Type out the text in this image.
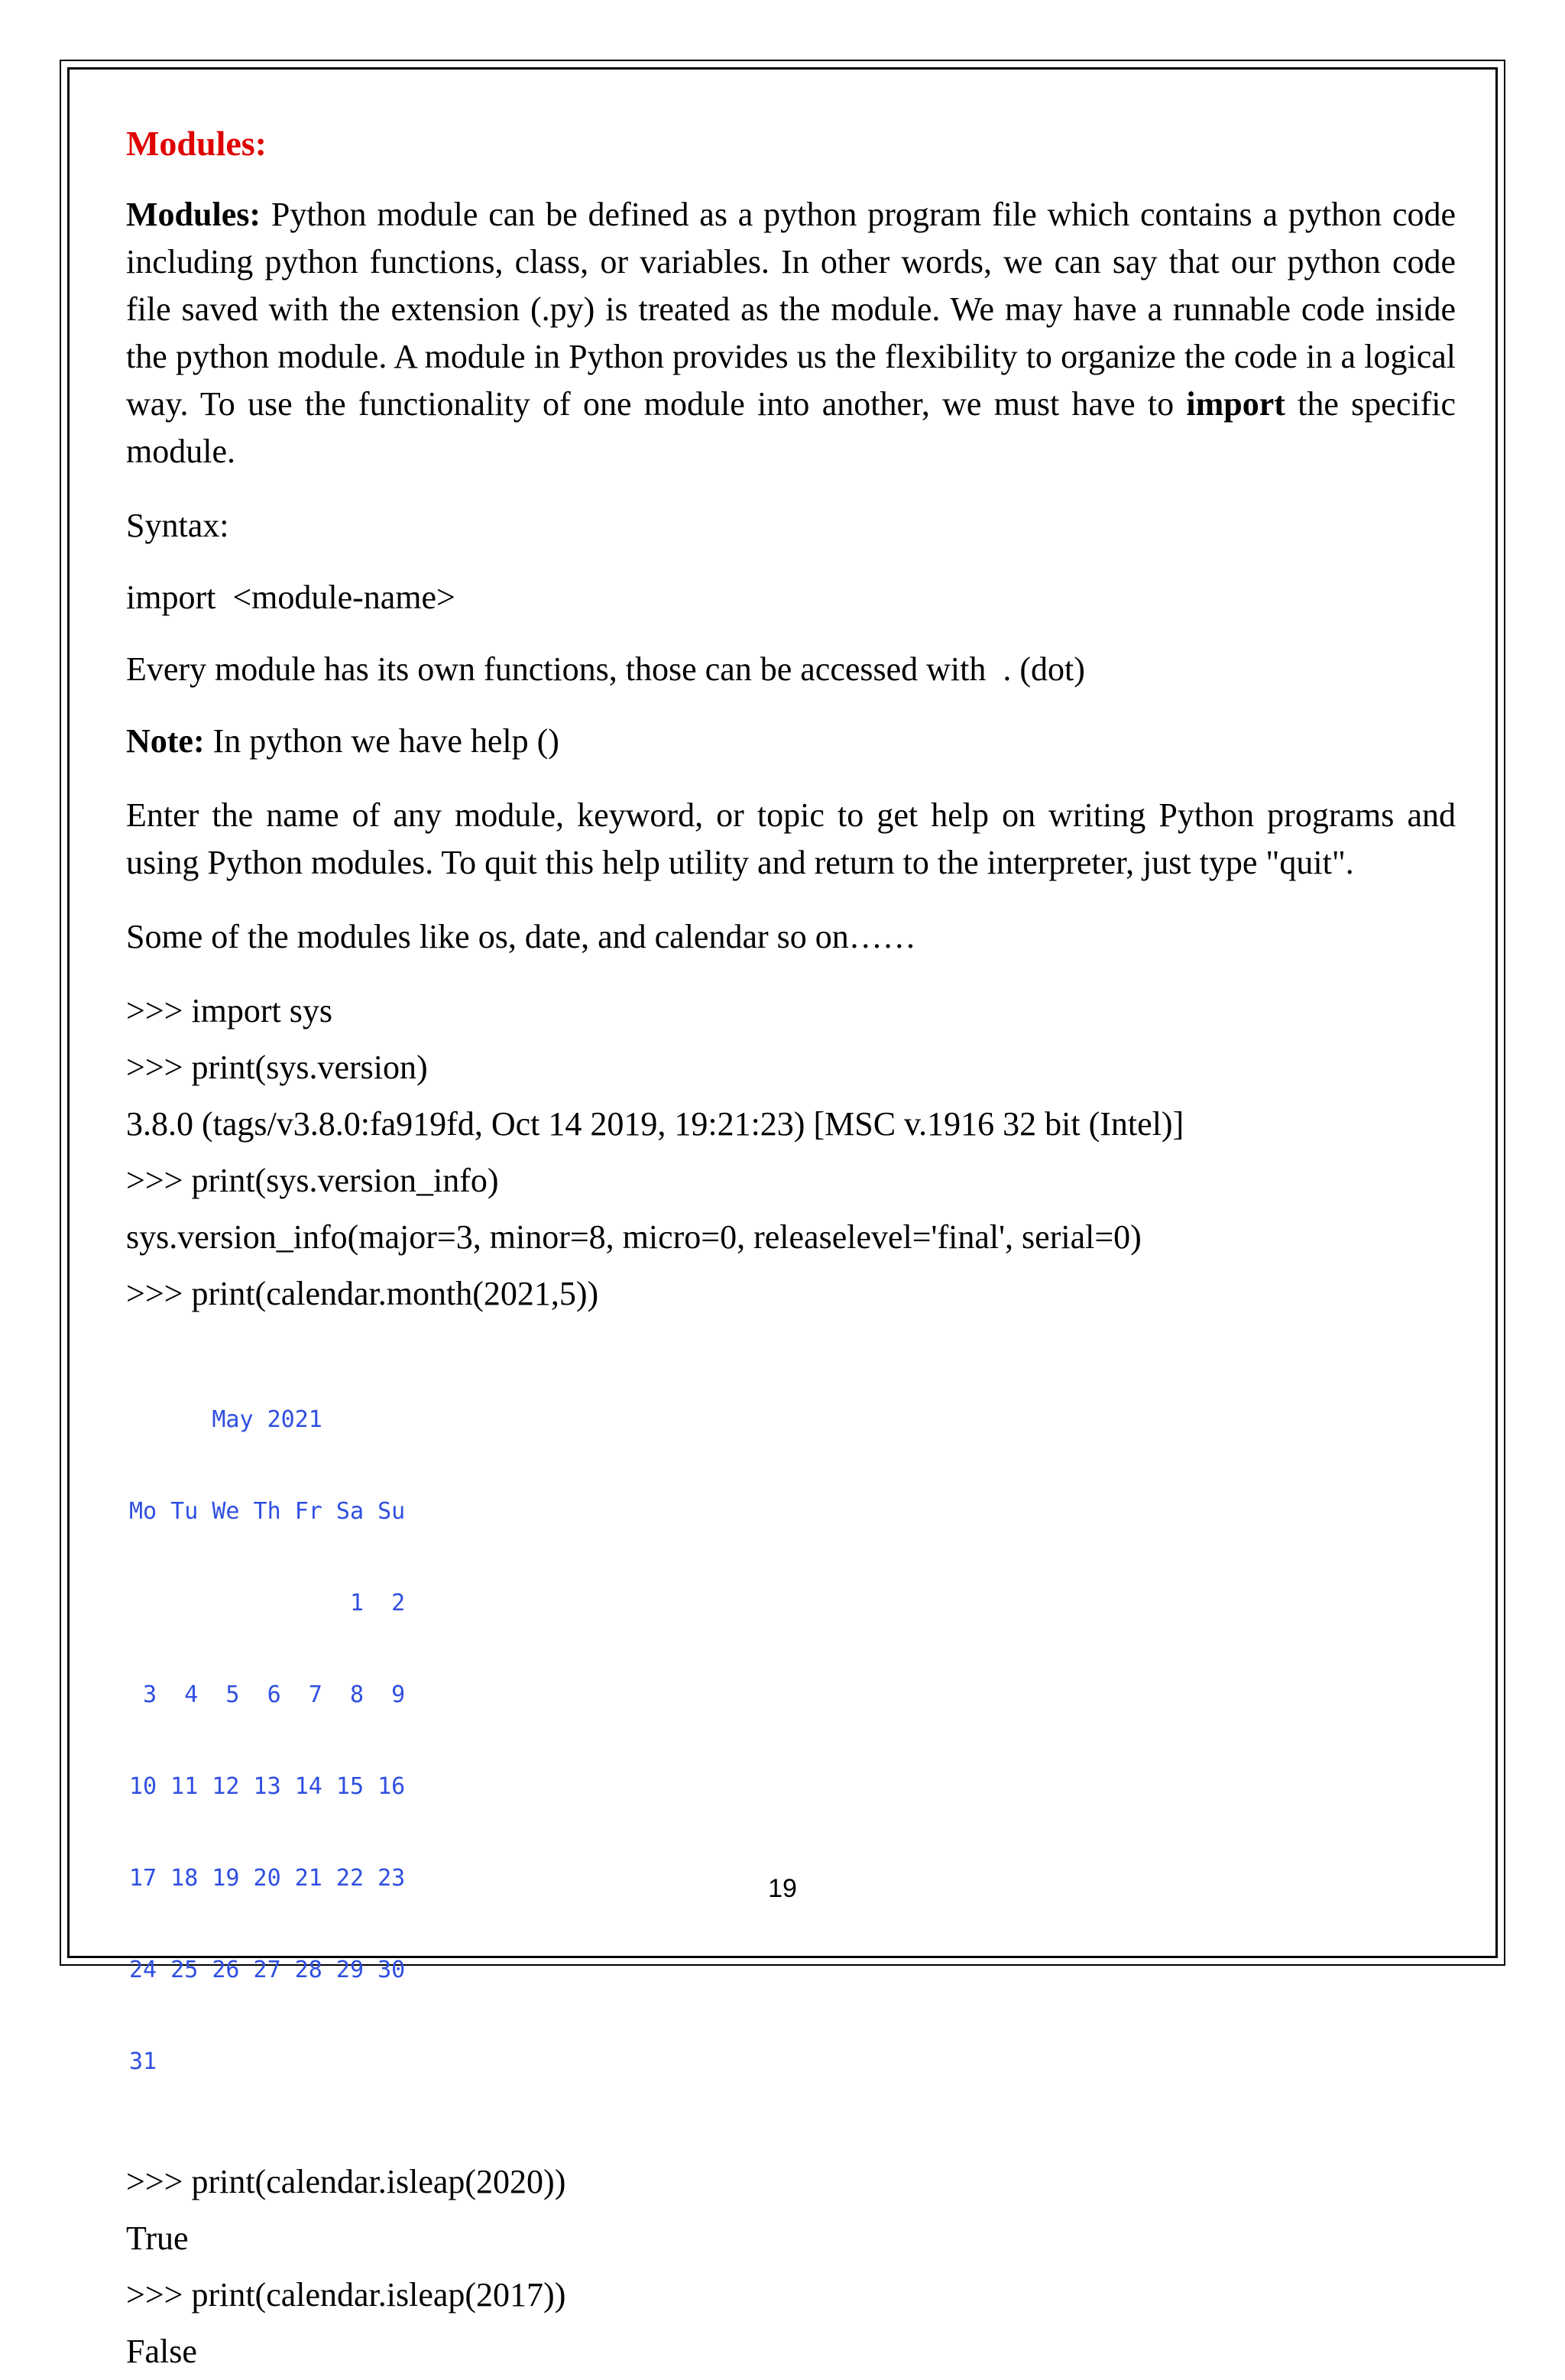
Modules:

Modules: Python module can be defined as a python program file which contains a python code including python functions, class, or variables. In other words, we can say that our python code file saved with the extension (.py) is treated as the module. We may have a runnable code inside the python module. A module in Python provides us the flexibility to organize the code in a logical way. To use the functionality of one module into another, we must have to import the specific module.

Syntax:

import  <module-name>

Every module has its own functions, those can be accessed with  . (dot)

Note: In python we have help ()

Enter the name of any module, keyword, or topic to get help on writing Python programs and using Python modules. To quit this help utility and return to the interpreter, just type "quit".

Some of the modules like os, date, and calendar so on……

>>> import sys

>>> print(sys.version)

3.8.0 (tags/v3.8.0:fa919fd, Oct 14 2019, 19:21:23) [MSC v.1916 32 bit (Intel)]

>>> print(sys.version_info)

sys.version_info(major=3, minor=8, micro=0, releaselevel='final', serial=0)

>>> print(calendar.month(2021,5))

May 2021

Mo Tu We Th Fr Sa Su

1  2

3  4  5  6  7  8  9

10 11 12 13 14 15 16

17 18 19 20 21 22 23

24 25 26 27 28 29 30

31

>>> print(calendar.isleap(2020))

True

>>> print(calendar.isleap(2017))

False

19
